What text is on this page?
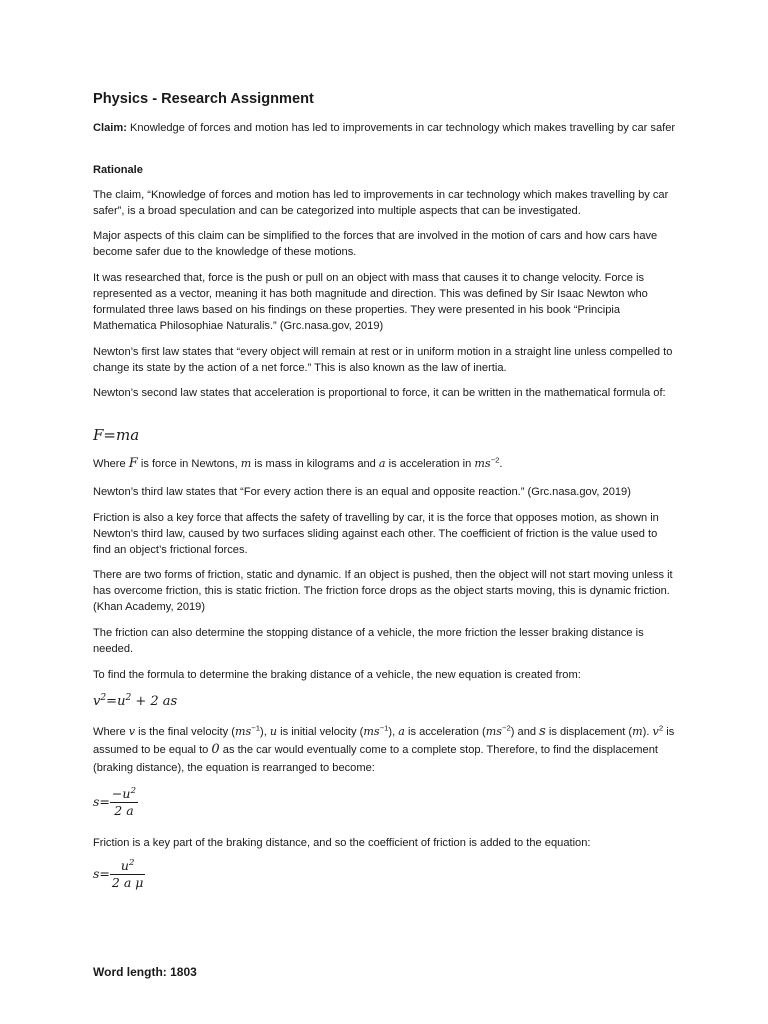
Physics - Research Assignment

Claim: Knowledge of forces and motion has led to improvements in car technology which makes travelling by car safer

Rationale
The claim, “Knowledge of forces and motion has led to improvements in car technology which makes travelling by car safer”, is a broad speculation and can be categorized into multiple aspects that can be investigated.
Major aspects of this claim can be simplified to the forces that are involved in the motion of cars and how cars have become safer due to the knowledge of these motions.
It was researched that, force is the push or pull on an object with mass that causes it to change velocity. Force is represented as a vector, meaning it has both magnitude and direction. This was defined by Sir Isaac Newton who formulated three laws based on his findings on these properties. They were presented in his book “Principia Mathematica Philosophiae Naturalis.” (Grc.nasa.gov, 2019)
Newton’s first law states that “every object will remain at rest or in uniform motion in a straight line unless compelled to change its state by the action of a net force.” This is also known as the law of inertia.
Newton’s second law states that acceleration is proportional to force, it can be written in the mathematical formula of:
F=ma
Where F is force in Newtons, m is mass in kilograms and a is acceleration in $ms^{-2}$.
Newton’s third law states that “For every action there is an equal and opposite reaction.” (Grc.nasa.gov, 2019)
Friction is also a key force that affects the safety of travelling by car, it is the force that opposes motion, as shown in Newton’s third law, caused by two surfaces sliding against each other. The coefficient of friction is the value used to find an object’s frictional forces.
There are two forms of friction, static and dynamic. If an object is pushed, then the object will not start moving unless it has overcome friction, this is static friction. The friction force drops as the object starts moving, this is dynamic friction. (Khan Academy, 2019)
The friction can also determine the stopping distance of a vehicle, the more friction the lesser braking distance is needed.
To find the formula to determine the braking distance of a vehicle, the new equation is created from:
$v^2=u^2 + 2$ as
Where v is the final velocity $(ms^{-1})$, u is initial velocity $(ms^{-1})$, a is acceleration $(ms^{-2})$ and s is displacement (m). $v^2$ is assumed to be equal to 0 as the car would eventually come to a complete stop. Therefore, to find the displacement (braking distance), the equation is rearranged to become:
$s= \frac{-u^2}{2 a}$
Friction is a key part of the braking distance, and so the coefficient of friction is added to the equation:
$s= \frac{u^2}{\text{2 a μ}}$
Word length: 1803
